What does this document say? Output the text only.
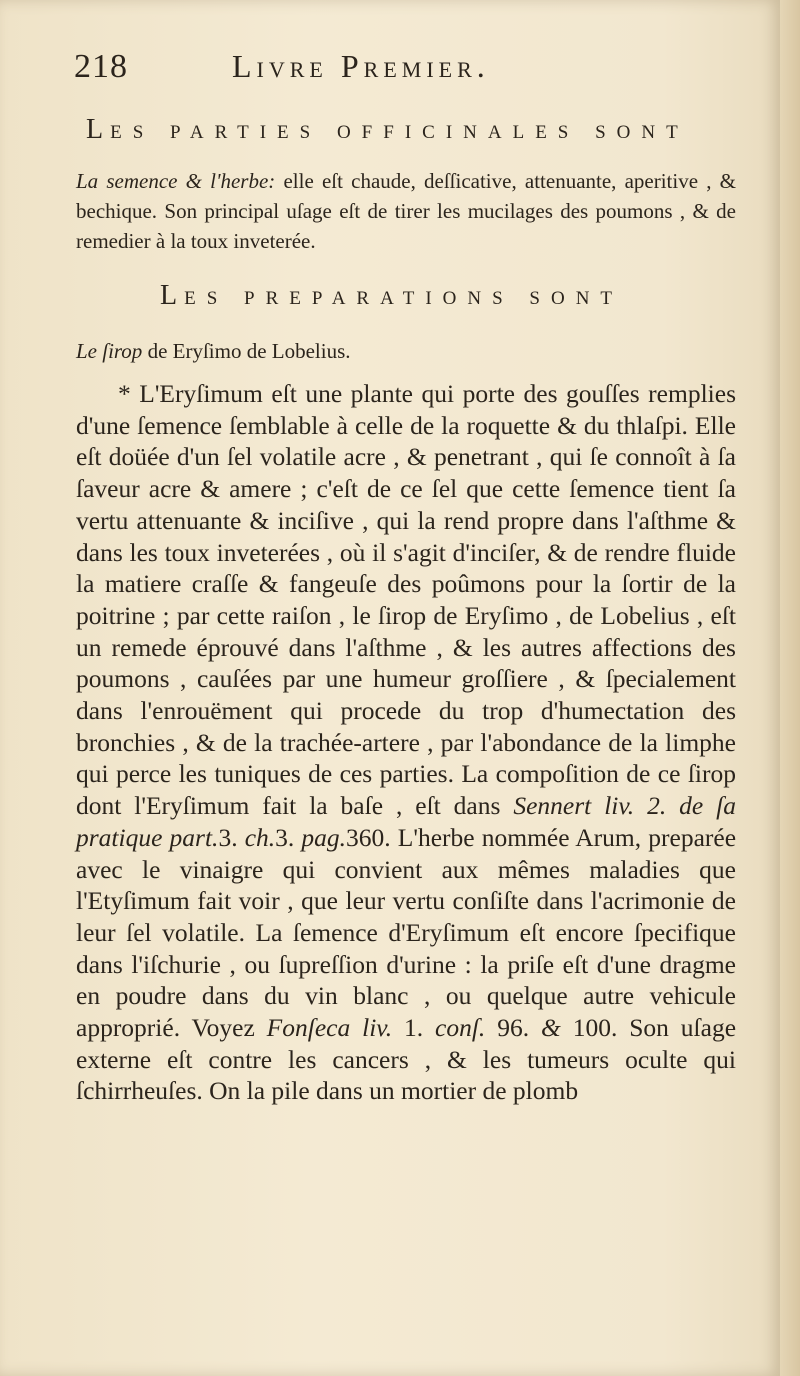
218	Livre Premier.
LES PARTIES OFFICINALES SONT

La semence & l'herbe: elle eſt chaude, deſſicative, attenuante, aperitive , & bechique. Son principal uſage eſt de tirer les mucilages des poumons , & de remedier à la toux inveterée.

LES PREPARATIONS SONT

Le ſirop de Eryſimo de Lobelius.

* L'Eryſimum eſt une plante qui porte des gouſſes remplies d'une ſemence ſemblable à celle de la roquette & du thlaſpi. Elle eſt doüée d'un ſel volatile acre , & penetrant , qui ſe connoît à ſa ſaveur acre & amere ; c'eſt de ce ſel que cette ſemence tient ſa vertu attenuante & inciſive , qui la rend propre dans l'aſthme & dans les toux inveterées , où il s'agit d'inciſer, & de rendre fluide la matiere craſſe & fangeuſe des poûmons pour la ſortir de la poitrine ; par cette raiſon , le ſirop de Eryſimo , de Lobelius , eſt un remede éprouvé dans l'aſthme , & les autres affections des poumons , cauſées par une humeur groſſiere , & ſpecialement dans l'enrouëment qui procede du trop d'humectation des bronchies , & de la trachée-artere , par l'abondance de la limphe qui perce les tuniques de ces parties. La compoſition de ce ſirop dont l'Eryſimum fait la baſe , eſt dans Sennert liv. 2. de ſa pratique part.3. ch.3. pag.360. L'herbe nommée Arum, preparée avec le vinaigre qui convient aux mêmes maladies que l'Etyſimum fait voir , que leur vertu conſiſte dans l'acrimonie de leur ſel volatile. La ſemence d'Eryſimum eſt encore ſpecifique dans l'iſchurie , ou ſupreſſion d'urine : la priſe eſt d'une dragme en poudre dans du vin blanc , ou quelque autre vehicule approprié. Voyez Fonſeca liv. 1. conſ. 96. & 100. Son uſage externe eſt contre les cancers , & les tumeurs oculte qui ſchirrheuſes. On la pile dans un mortier de plomb
